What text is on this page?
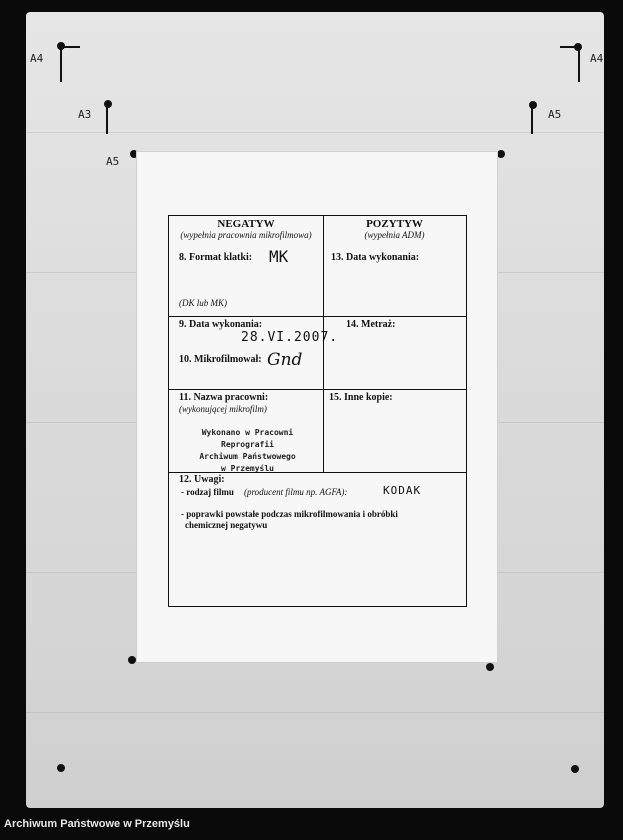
A4	A4
A3	A5
A5
NEGATYW
(wypełnia pracownia mikrofilmowa)
POZYTYW
(wypełnia ADM)
8. Format klatki: MK
(DK lub MK)
13. Data wykonania:
9. Data wykonania:
28.VI.2007.
14. Metraż:
10. Mikrofilmował: Gnd
11. Nazwa pracowni:
(wykonującej mikrofilm)
Wykonano w Pracowni Reprografii
Archiwum Państwowego
w Przemyślu
15. Inne kopie:
12. Uwagi:
- rodzaj filmu (producent filmu np. AGFA):	KODAK
- poprawki powstałe podczas mikrofilmowania i obróbki
chemicznej negatywu
Archiwum Państwowe w Przemyślu
